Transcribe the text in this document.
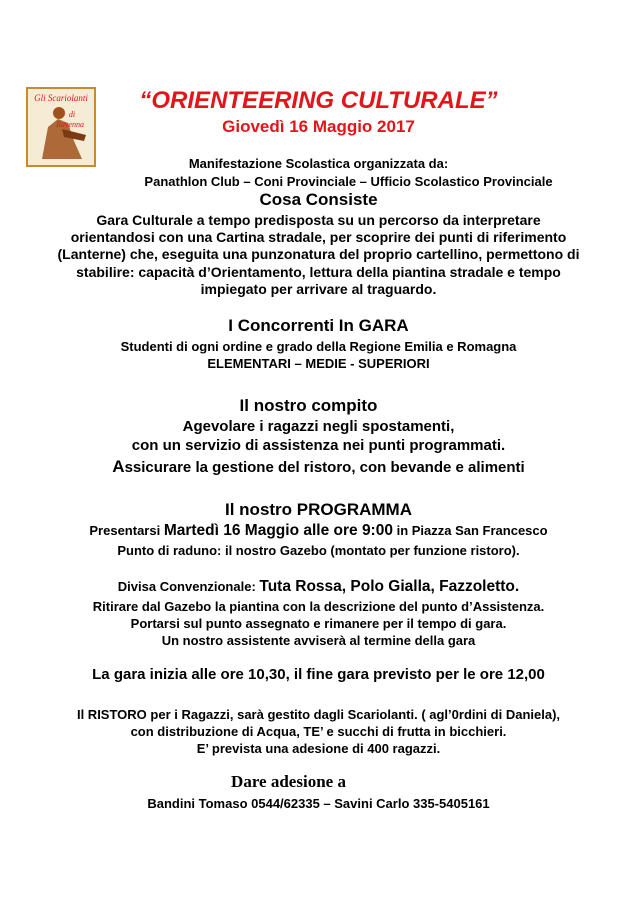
Gli Scariolanti
di
Ravenna
“ORIENTEERING CULTURALE”
Giovedì 16 Maggio 2017
Manifestazione Scolastica organizzata da:
Panathlon Club – Coni Provinciale – Ufficio Scolastico Provinciale
Cosa Consiste
Gara Culturale a tempo predisposta su un percorso da interpretare
orientandosi con una Cartina stradale, per scoprire dei punti di riferimento
(Lanterne) che, eseguita una punzonatura del proprio cartellino, permettono di
stabilire: capacità d’Orientamento, lettura della piantina stradale e tempo
impiegato per arrivare al traguardo.
I Concorrenti In GARA
Studenti di ogni ordine e grado della Regione Emilia e Romagna
ELEMENTARI – MEDIE - SUPERIORI
Il nostro compito
Agevolare i ragazzi negli spostamenti,
con un servizio di assistenza nei punti programmati.
Assicurare la gestione del ristoro, con bevande e alimenti
Il nostro PROGRAMMA
Presentarsi Martedì 16 Maggio alle ore 9:00 in Piazza San Francesco
Punto di raduno: il nostro Gazebo (montato per funzione ristoro).
Divisa Convenzionale: Tuta Rossa, Polo Gialla, Fazzoletto.
Ritirare dal Gazebo la piantina con la descrizione del punto d’Assistenza.
Portarsi sul punto assegnato e rimanere per il tempo di gara.
Un nostro assistente avviserà al termine della gara
La gara inizia alle ore 10,30, il fine gara previsto per le ore 12,00
Il RISTORO per i Ragazzi, sarà gestito dagli Scariolanti. ( agl’0rdini di Daniela),
con distribuzione di Acqua, TE’ e succhi di frutta in bicchieri.
E’ prevista una adesione di 400 ragazzi.
Dare adesione a
Bandini Tomaso 0544/62335 – Savini Carlo 335-5405161
